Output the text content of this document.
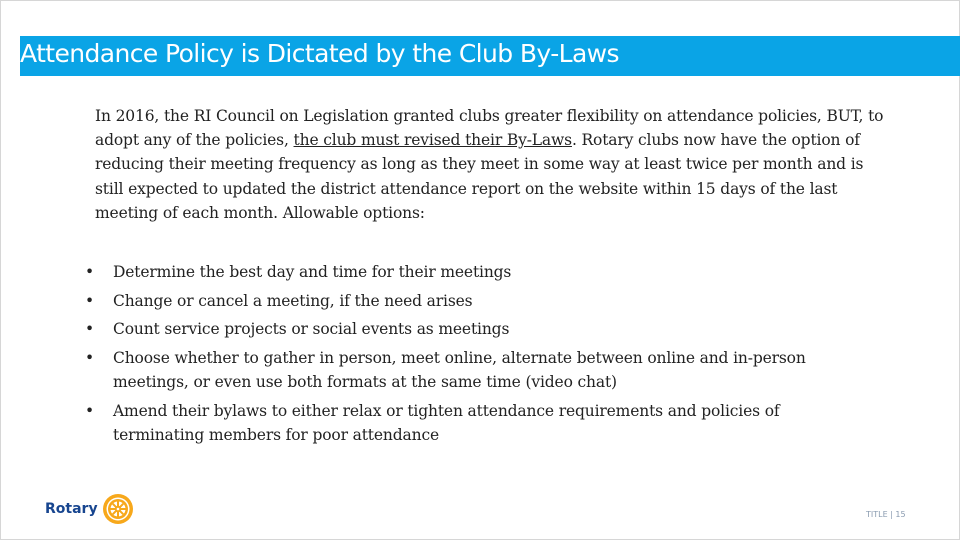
Attendance Policy is Dictated by the Club By-Laws
In 2016, the RI Council on Legislation granted clubs greater flexibility on attendance policies, BUT, to adopt any of the policies, the club must revised their By-Laws. Rotary clubs now have the option of reducing their meeting frequency as long as they meet in some way at least twice per month and is still expected to updated the district attendance report on the website within 15 days of the last meeting of each month. Allowable options:
• Determine the best day and time for their meetings
• Change or cancel a meeting, if the need arises
• Count service projects or social events as meetings
• Choose whether to gather in person, meet online, alternate between online and in-person meetings, or even use both formats at the same time (video chat)
• Amend their bylaws to either relax or tighten attendance requirements and policies of terminating members for poor attendance
Rotary	TITLE | 15
